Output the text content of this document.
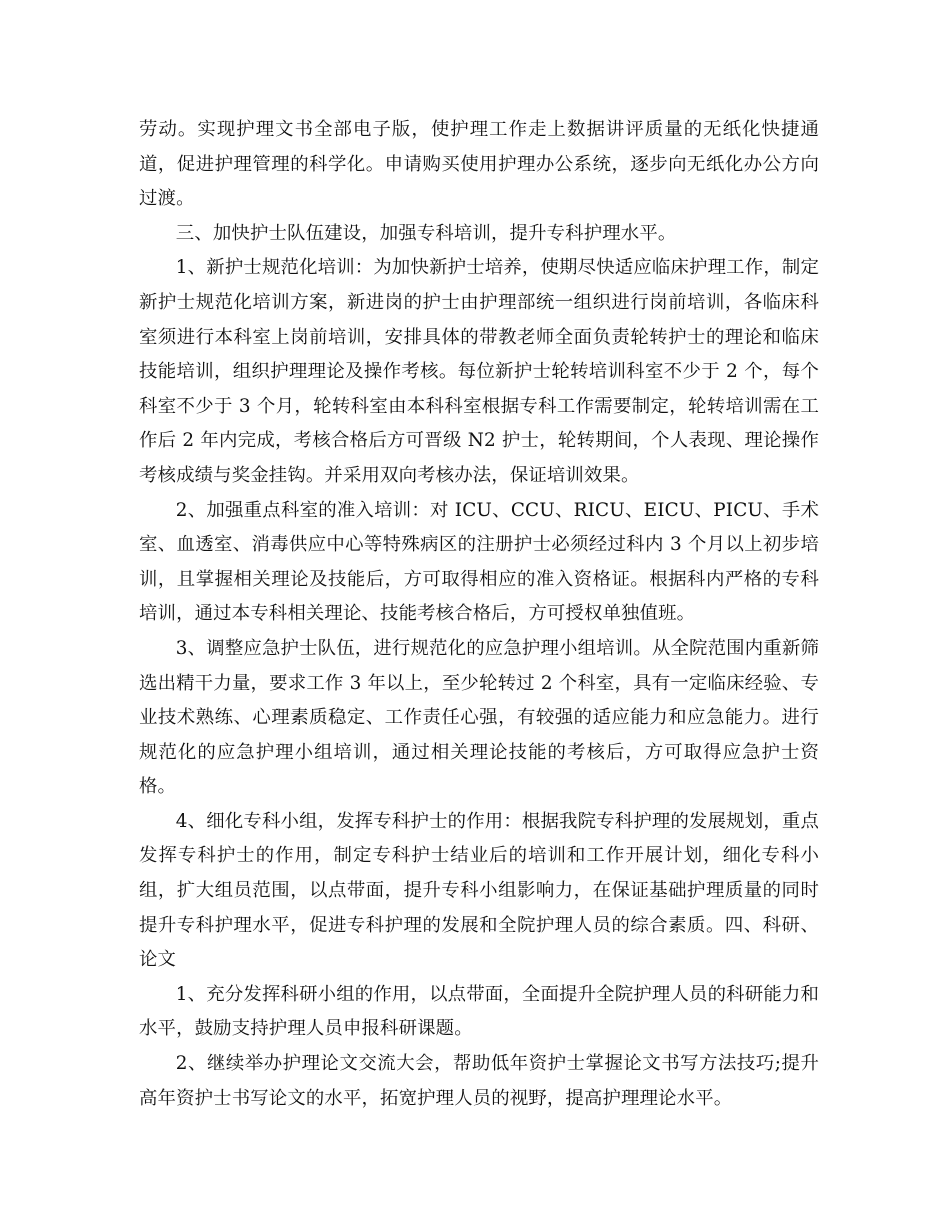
劳动。实现护理文书全部电子版，使护理工作走上数据讲评质量的无纸化快捷通道，促进护理管理的科学化。申请购买使用护理办公系统，逐步向无纸化办公方向过渡。

三、加快护士队伍建设，加强专科培训，提升专科护理水平。

1、新护士规范化培训：为加快新护士培养，使期尽快适应临床护理工作，制定新护士规范化培训方案，新进岗的护士由护理部统一组织进行岗前培训，各临床科室须进行本科室上岗前培训，安排具体的带教老师全面负责轮转护士的理论和临床技能培训，组织护理理论及操作考核。每位新护士轮转培训科室不少于 2 个，每个科室不少于 3 个月，轮转科室由本科科室根据专科工作需要制定，轮转培训需在工作后 2 年内完成，考核合格后方可晋级 N2 护士，轮转期间，个人表现、理论操作考核成绩与奖金挂钩。并采用双向考核办法，保证培训效果。

2、加强重点科室的准入培训：对 ICU、CCU、RICU、EICU、PICU、手术室、血透室、消毒供应中心等特殊病区的注册护士必须经过科内 3 个月以上初步培训，且掌握相关理论及技能后，方可取得相应的准入资格证。根据科内严格的专科培训，通过本专科相关理论、技能考核合格后，方可授权单独值班。

3、调整应急护士队伍，进行规范化的应急护理小组培训。从全院范围内重新筛选出精干力量，要求工作 3 年以上，至少轮转过 2 个科室，具有一定临床经验、专业技术熟练、心理素质稳定、工作责任心强，有较强的适应能力和应急能力。进行规范化的应急护理小组培训，通过相关理论技能的考核后，方可取得应急护士资格。

4、细化专科小组，发挥专科护士的作用：根据我院专科护理的发展规划，重点发挥专科护士的作用，制定专科护士结业后的培训和工作开展计划，细化专科小组，扩大组员范围，以点带面，提升专科小组影响力，在保证基础护理质量的同时提升专科护理水平，促进专科护理的发展和全院护理人员的综合素质。四、科研、论文

1、充分发挥科研小组的作用，以点带面，全面提升全院护理人员的科研能力和水平，鼓励支持护理人员申报科研课题。

2、继续举办护理论文交流大会，帮助低年资护士掌握论文书写方法技巧;提升高年资护士书写论文的水平，拓宽护理人员的视野，提高护理理论水平。
